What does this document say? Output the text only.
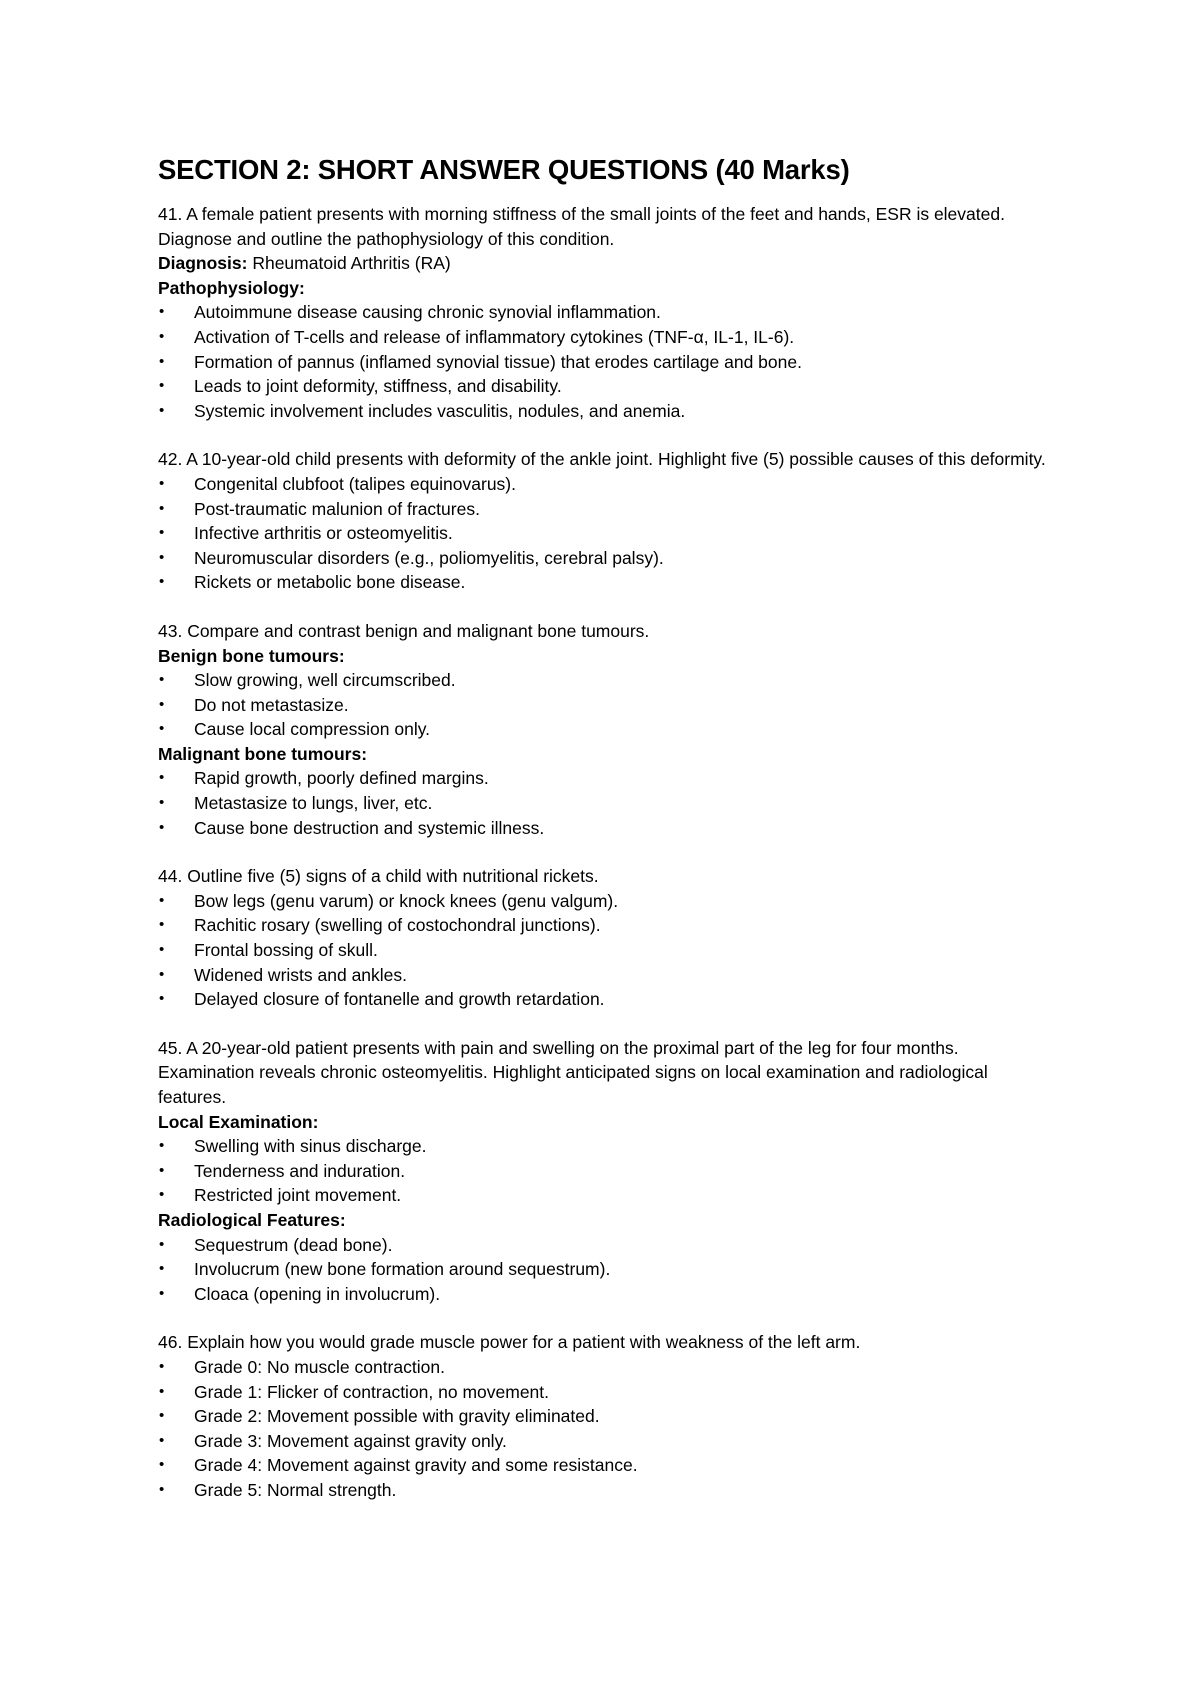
SECTION 2: SHORT ANSWER QUESTIONS (40 Marks)

41. A female patient presents with morning stiffness of the small joints of the feet and hands, ESR is elevated. Diagnose and outline the pathophysiology of this condition.

Diagnosis: Rheumatoid Arthritis (RA)

Pathophysiology:

• Autoimmune disease causing chronic synovial inflammation.
• Activation of T-cells and release of inflammatory cytokines (TNF-α, IL-1, IL-6).
• Formation of pannus (inflamed synovial tissue) that erodes cartilage and bone.
• Leads to joint deformity, stiffness, and disability.
• Systemic involvement includes vasculitis, nodules, and anemia.

42. A 10-year-old child presents with deformity of the ankle joint. Highlight five (5) possible causes of this deformity.

• Congenital clubfoot (talipes equinovarus).
• Post-traumatic malunion of fractures.
• Infective arthritis or osteomyelitis.
• Neuromuscular disorders (e.g., poliomyelitis, cerebral palsy).
• Rickets or metabolic bone disease.

43. Compare and contrast benign and malignant bone tumours.

Benign bone tumours:

• Slow growing, well circumscribed.
• Do not metastasize.
• Cause local compression only.

Malignant bone tumours:

• Rapid growth, poorly defined margins.
• Metastasize to lungs, liver, etc.
• Cause bone destruction and systemic illness.

44. Outline five (5) signs of a child with nutritional rickets.

• Bow legs (genu varum) or knock knees (genu valgum).
• Rachitic rosary (swelling of costochondral junctions).
• Frontal bossing of skull.
• Widened wrists and ankles.
• Delayed closure of fontanelle and growth retardation.

45. A 20-year-old patient presents with pain and swelling on the proximal part of the leg for four months. Examination reveals chronic osteomyelitis. Highlight anticipated signs on local examination and radiological features.

Local Examination:

• Swelling with sinus discharge.
• Tenderness and induration.
• Restricted joint movement.

Radiological Features:

• Sequestrum (dead bone).
• Involucrum (new bone formation around sequestrum).
• Cloaca (opening in involucrum).

46. Explain how you would grade muscle power for a patient with weakness of the left arm.

• Grade 0: No muscle contraction.
• Grade 1: Flicker of contraction, no movement.
• Grade 2: Movement possible with gravity eliminated.
• Grade 3: Movement against gravity only.
• Grade 4: Movement against gravity and some resistance.
• Grade 5: Normal strength.
